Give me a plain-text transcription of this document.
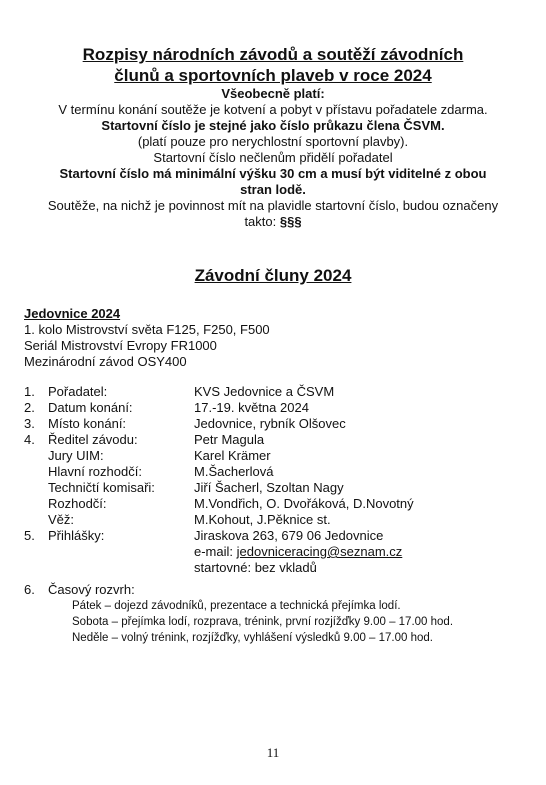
Rozpisy národních závodů a soutěží závodních
člunů a sportovních plaveb v roce 2024
Všeobecně platí:
V termínu konání soutěže je kotvení a pobyt v přístavu pořadatele zdarma.
Startovní číslo je stejné jako číslo průkazu člena ČSVM.
(platí pouze pro nerychlostní sportovní plavby).
Startovní číslo nečlenům přidělí pořadatel
Startovní číslo má minimální výšku 30 cm a musí být viditelné z obou
stran lodě.
Soutěže, na nichž je povinnost mít na plavidle startovní číslo, budou označeny
takto: §§§
Závodní čluny 2024
Jedovnice 2024
1. kolo Mistrovství světa F125, F250, F500
Seriál Mistrovství Evropy FR1000
Mezinárodní závod OSY400
1. Pořadatel:	KVS Jedovnice a ČSVM
2. Datum konání:	17.-19. května 2024
3. Místo konání:	Jedovnice, rybník Olšovec
4. Ředitel závodu:	Petr Magula
Jury UIM:	Karel Krämer
Hlavní rozhodčí:	M.Šacherlová
Techničtí komisaři:	Jiří Šacherl, Szoltan Nagy
Rozhodčí:	M.Vondřich, O. Dvořáková, D.Novotný
Věž:	M.Kohout, J.Pěknice st.
5. Přihlášky:	Jiraskova 263, 679 06 Jedovnice
e-mail: jedovniceracing@seznam.cz
startovné: bez vkladů
6. Časový rozvrh:
Pátek – dojezd závodníků, prezentace a technická přejímka lodí.
Sobota – přejímka lodí, rozprava, trénink, první rozjížďky 9.00 – 17.00 hod.
Neděle – volný trénink, rozjížďky, vyhlášení výsledků 9.00 – 17.00 hod.
11
